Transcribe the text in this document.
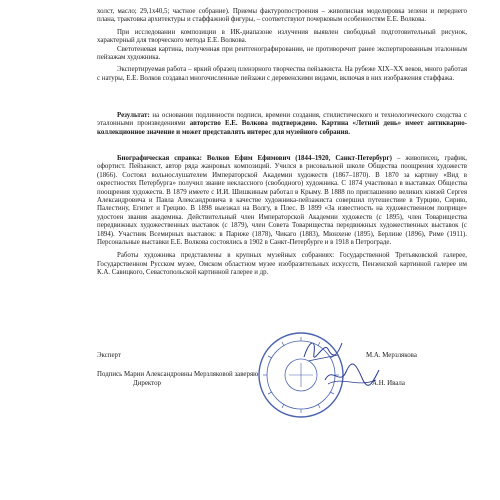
холст, масло; 29,1х40,5; частное собрание). Приемы фактуропостроения – живописная моделировка зелени и переднего плана, трактовка архитектуры и стаффажной фигуры, – соответствуют почерковым особенностям Е.Е. Волкова.

При исследовании композиции в ИК-диапазоне излучения выявлен свободный подготовительный рисунок, характерный для творческого метода Е.Е. Волкова.

Светотеневая картина, полученная при рентгенографировании, не противоречит ранее экспертированным эталонным пейзажам художника.

Экспертируемая работа – яркий образец пленэрного творчества пейзажиста. На рубеже XIX–XX веков, много работая с натуры, Е.Е. Волков создавал многочисленные пейзажи с деревенскими видами, включая в них изображения стаффажа.

Результат: на основании подлинности подписи, времени создания, стилистического и технологического сходства с эталонными произведениями авторство Е.Е. Волкова подтверждено. Картина «Летний день» имеет антикварно-коллекционное значение и может представлять интерес для музейного собрания.

Биографическая справка: Волков Ефим Ефимович (1844–1920, Санкт-Петербург) – живописец, график, офортист. Пейзажист, автор ряда жанровых композиций. Учился в рисовальной школе Общества поощрения художеств (1866). Состоял вольнослушателем Императорской Академии художеств (1867–1870). В 1870 за картину «Вид в окрестностях Петербурга» получил звание неклассного (свободного) художника. С 1874 участвовал в выставках Общества поощрения художеств. В 1879 имеете с И.И. Шишкиным работал в Крыму. В 1888 по приглашению великих князей Сергея Александровича и Павла Александровича в качестве художника-пейзажиста совершил путешествие в Турцию, Сирию, Палестину, Египет и Грецию. В 1898 выезжал на Волгу, в Плес. В 1899 «За известность на художественном поприще» удостоен звания академика. Действительный член Императорской Академии художеств (с 1895), член Товарищества передвижных художественных выставок (с 1879), член Совета Товарищества передвижных художественных выставок (с 1894). Участник Всемирных выставок: в Париже (1878), Чикаго (1883), Мюнхене (1895), Берлине (1896), Риме (1911). Персональные выставки Е.Е. Волкова состоялись в 1902 в Санкт-Петербурге и в 1918 в Петрограде.

Работы художника представлены в крупных музейных собраниях: Государственной Третьяковской галерее, Государственном Русском музее, Омском областном музее изобразительных искусств, Пензенской картинной галерее им К.А. Савицкого, Севастопольской картинной галерее и др.

Эксперт	М.А. Мерзлякова
Подпись Марии Александровны Мерзляковой заверяю
Директор	А.Н. Ивала
